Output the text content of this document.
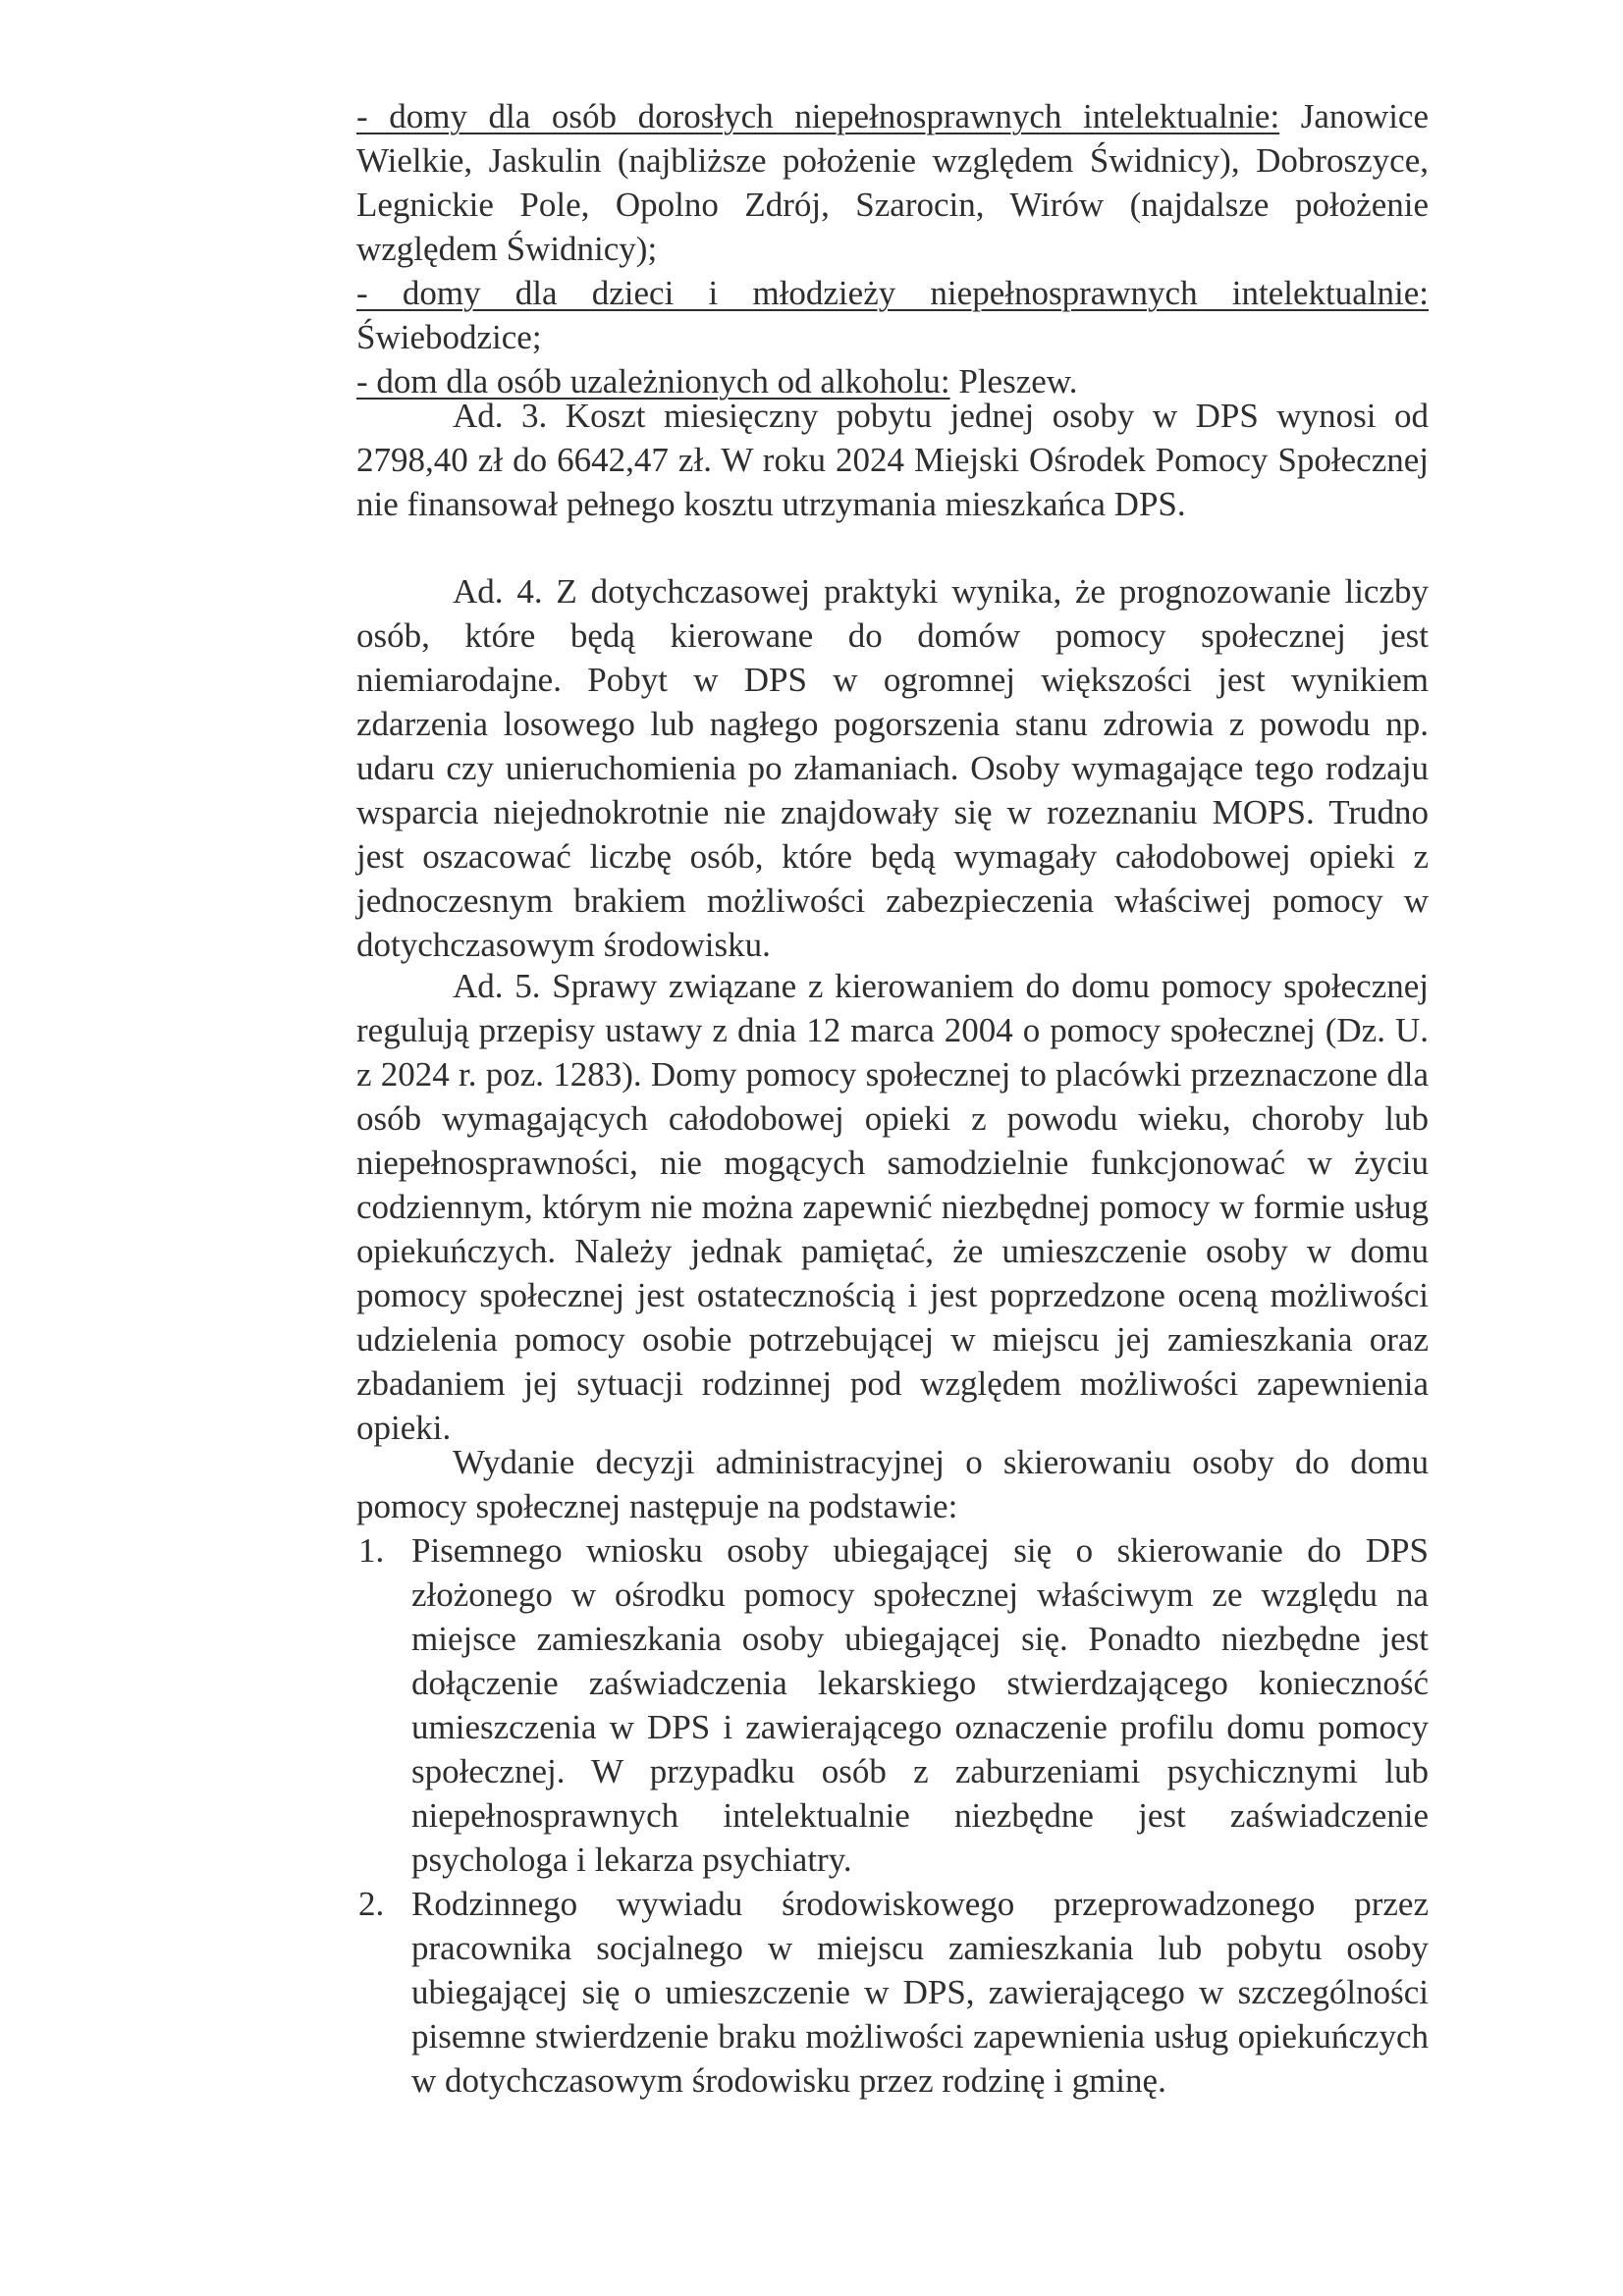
- domy dla osób dorosłych niepełnosprawnych intelektualnie: Janowice Wielkie, Jaskulin (najbliższe położenie względem Świdnicy), Dobroszyce, Legnickie Pole, Opolno Zdrój, Szarocin, Wirów (najdalsze położenie względem Świdnicy);

- domy dla dzieci i młodzieży niepełnosprawnych intelektualnie: Świebodzice;

- dom dla osób uzależnionych od alkoholu: Pleszew.

Ad. 3. Koszt miesięczny pobytu jednej osoby w DPS wynosi od 2798,40 zł do 6642,47 zł. W roku 2024 Miejski Ośrodek Pomocy Społecznej nie finansował pełnego kosztu utrzymania mieszkańca DPS.

Ad. 4. Z dotychczasowej praktyki wynika, że prognozowanie liczby osób, które będą kierowane do domów pomocy społecznej jest niemiarodajne. Pobyt w DPS w ogromnej większości jest wynikiem zdarzenia losowego lub nagłego pogorszenia stanu zdrowia z powodu np. udaru czy unieruchomienia po złamaniach. Osoby wymagające tego rodzaju wsparcia niejednokrotnie nie znajdowały się w rozeznaniu MOPS. Trudno jest oszacować liczbę osób, które będą wymagały całodobowej opieki z jednoczesnym brakiem możliwości zabezpieczenia właściwej pomocy w dotychczasowym środowisku.

Ad. 5. Sprawy związane z kierowaniem do domu pomocy społecznej regulują przepisy ustawy z dnia 12 marca 2004 o pomocy społecznej (Dz. U. z 2024 r. poz. 1283). Domy pomocy społecznej to placówki przeznaczone dla osób wymagających całodobowej opieki z powodu wieku, choroby lub niepełnosprawności, nie mogących samodzielnie funkcjonować w życiu codziennym, którym nie można zapewnić niezbędnej pomocy w formie usług opiekuńczych. Należy jednak pamiętać, że umieszczenie osoby w domu pomocy społecznej jest ostatecznością i jest poprzedzone oceną możliwości udzielenia pomocy osobie potrzebującej w miejscu jej zamieszkania oraz zbadaniem jej sytuacji rodzinnej pod względem możliwości zapewnienia opieki.

Wydanie decyzji administracyjnej o skierowaniu osoby do domu pomocy społecznej następuje na podstawie:

1. Pisemnego wniosku osoby ubiegającej się o skierowanie do DPS złożonego w ośrodku pomocy społecznej właściwym ze względu na miejsce zamieszkania osoby ubiegającej się. Ponadto niezbędne jest dołączenie zaświadczenia lekarskiego stwierdzającego konieczność umieszczenia w DPS i zawierającego oznaczenie profilu domu pomocy społecznej. W przypadku osób z zaburzeniami psychicznymi lub niepełnosprawnych intelektualnie niezbędne jest zaświadczenie psychologa i lekarza psychiatry.
2. Rodzinnego wywiadu środowiskowego przeprowadzonego przez pracownika socjalnego w miejscu zamieszkania lub pobytu osoby ubiegającej się o umieszczenie w DPS, zawierającego w szczególności pisemne stwierdzenie braku możliwości zapewnienia usług opiekuńczych w dotychczasowym środowisku przez rodzinę i gminę.
